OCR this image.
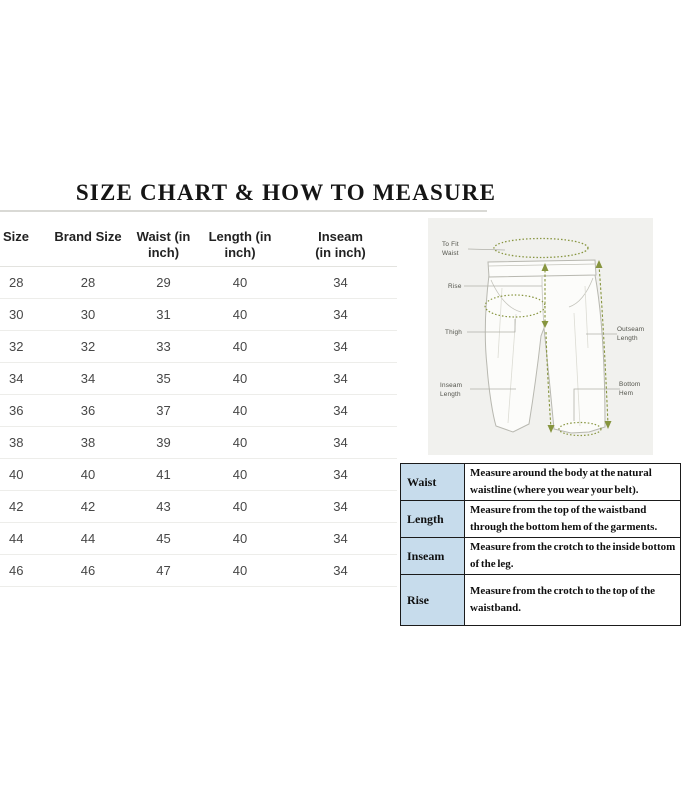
SIZE CHART & HOW TO MEASURE
Size	Brand Size	Waist (in inch)	Length (in inch)	Inseam (in inch)
28	28	29	40	34
30	30	31	40	34
32	32	33	40	34
34	34	35	40	34
36	36	37	40	34
38	38	39	40	34
40	40	41	40	34
42	42	43	40	34
44	44	45	40	34
46	46	47	40	34
To Fit
Waist
Rise
Thigh
Inseam
Length
Outseam
Length
Bottom
Hem
Waist	Measure around the body at the natural waistline (where you wear your belt).
Length	Measure from the top of the waistband through the bottom hem of the garments.
Inseam	Measure from the crotch to the inside bottom of the leg.
Rise	Measure from the crotch to the top of the waistband.
